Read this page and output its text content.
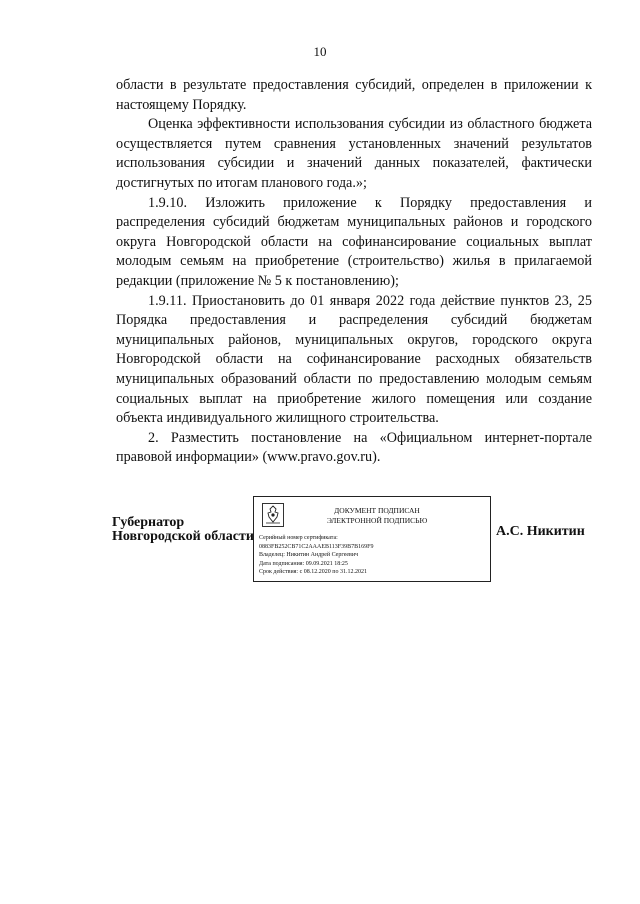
10

области в результате предоставления субсидий, определен в приложении к настоящему Порядку.

Оценка эффективности использования субсидии из областного бюджета осуществляется путем сравнения установленных значений результатов использования субсидии и значений данных показателей, фактически достигнутых по итогам планового года.»;

1.9.10. Изложить приложение к Порядку предоставления и распределения субсидий бюджетам муниципальных районов и городского округа Новгородской области на софинансирование социальных выплат молодым семьям на приобретение (строительство) жилья в прилагаемой редакции (приложение № 5 к постановлению);

1.9.11. Приостановить до 01 января 2022 года действие пунктов 23, 25 Порядка предоставления и распределения субсидий бюджетам муниципальных районов, муниципальных округов, городского округа Новгородской области на софинансирование расходных обязательств муниципальных образований области по предоставлению молодым семьям социальных выплат на приобретение жилого помещения или создание объекта индивидуального жилищного строительства.

2. Разместить постановление на «Официальном интернет-портале правовой информации» (www.pravo.gov.ru).

Губернатор
Новгородской области
ДОКУМЕНТ ПОДПИСАН
ЭЛЕКТРОННОЙ ПОДПИСЬЮ
Серийный номер сертификата:
0883FB252CB71C2AAAEB113F39B7B169F9
Владелец: Никитин Андрей Сергеевич
Дата подписания: 09.09.2021 18:25
Срок действия: с 08.12.2020 по 31.12.2021
А.С. Никитин
